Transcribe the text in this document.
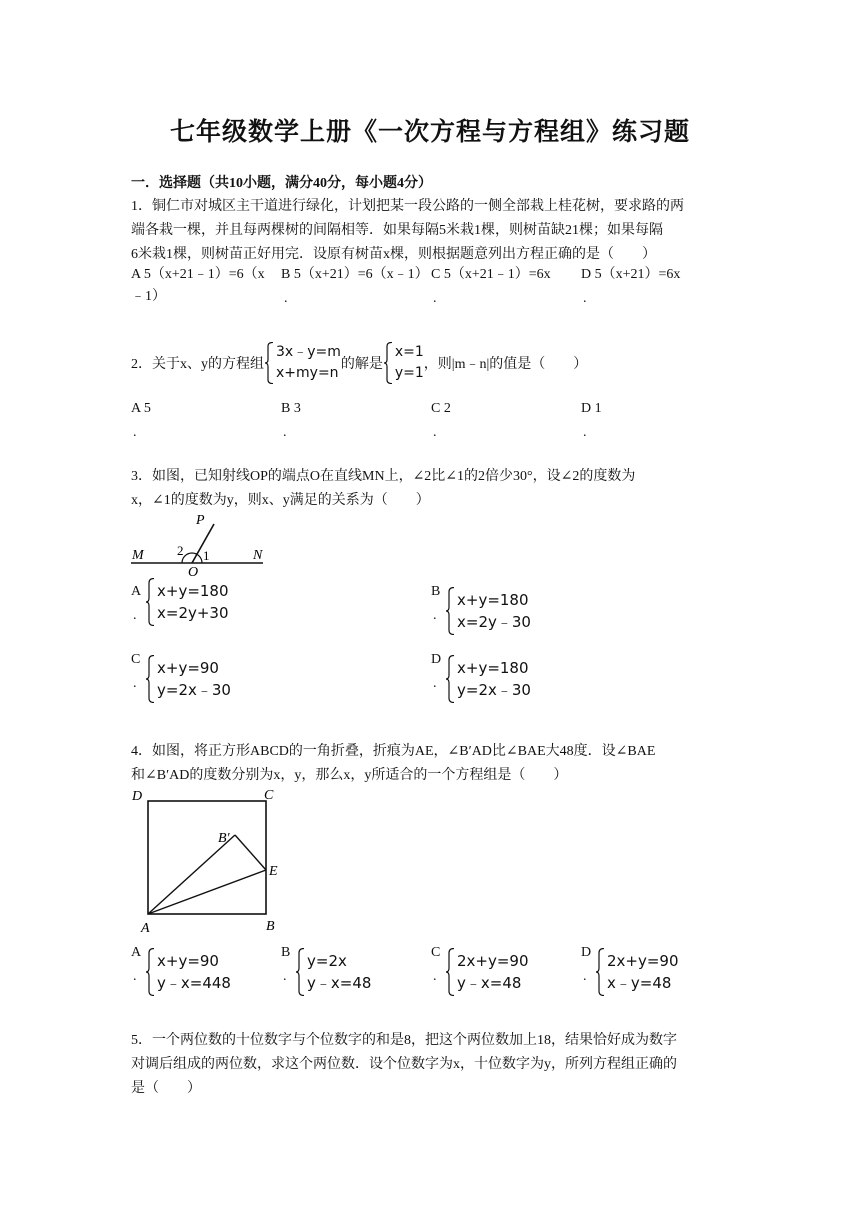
七年级数学上册《一次方程与方程组》练习题
一．选择题（共10小题，满分40分，每小题4分）
1．铜仁市对城区主干道进行绿化，计划把某一段公路的一侧全部栽上桂花树，要求路的两
端各栽一棵，并且每两棵树的间隔相等．如果每隔5米栽1棵，则树苗缺21棵；如果每隔
6米栽1棵，则树苗正好用完．设原有树苗x棵，则根据题意列出方程正确的是（　　）
A 5（x+21﹣1）=6（x
﹣1）
B 5（x+21）=6（x﹣1）
.
C 5（x+21﹣1）=6x
.
D 5（x+21）=6x
.
2．关于x、y的方程组
3x﹣y=m
x+my=n
的解是
x=1
y=1
，则|m﹣n|的值是（　　）
A 5
.
B 3
.
C 2
.
D 1
.
3．如图，已知射线OP的端点O在直线MN上，∠2比∠1的2倍少30°，设∠2的度数为
x，∠1的度数为y，则x、y满足的关系为（　　）
M	N
O
P
1
2
A
.
x+y=180
x=2y+30
B
.
x+y=180
x=2y﹣30
C
.
x+y=90
y=2x﹣30
D
.
x+y=180
y=2x﹣30
4．如图，将正方形ABCD的一角折叠，折痕为AE，∠B′AD比∠BAE大48度．设∠BAE
和∠B′AD的度数分别为x，y，那么x，y所适合的一个方程组是（　　）
D	C
B′
E
A	B
A
.
x+y=90
y﹣x=448
B
.
y=2x
y﹣x=48
C
.
2x+y=90
y﹣x=48
D
.
2x+y=90
x﹣y=48
5．一个两位数的十位数字与个位数字的和是8，把这个两位数加上18，结果恰好成为数字
对调后组成的两位数，求这个两位数．设个位数字为x，十位数字为y，所列方程组正确的
是（　　）
